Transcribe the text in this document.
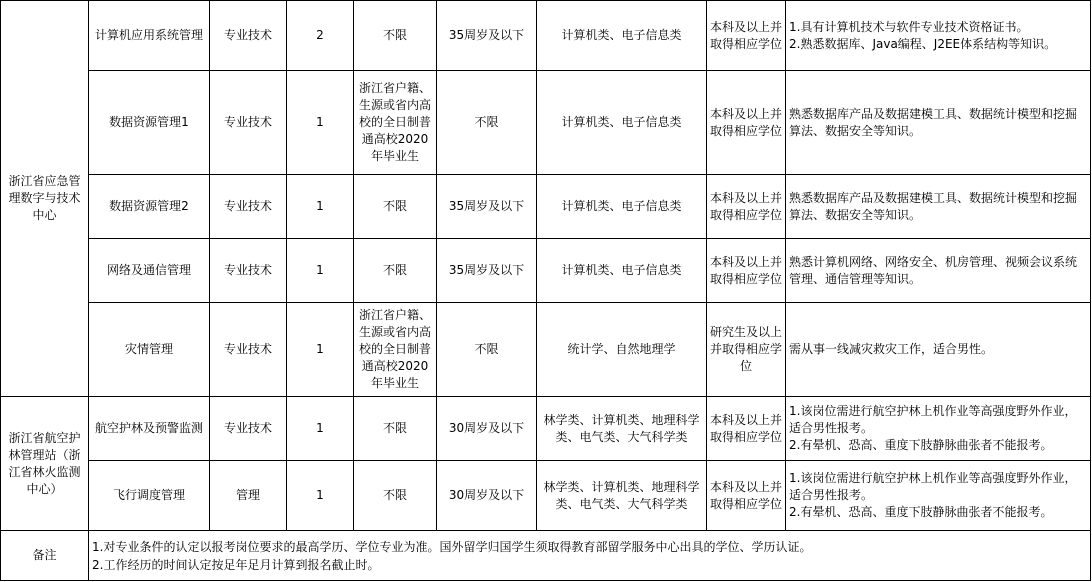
浙江省应急管理数字与技术中心	计算机应用系统管理	专业技术	2	不限	35周岁及以下	计算机类、电子信息类	本科及以上并取得相应学位	1.具有计算机技术与软件专业技术资格证书。
2.熟悉数据库、Java编程、J2EE体系结构等知识。

	数据资源管理1	专业技术	1	浙江省户籍、生源或省内高校的全日制普通高校2020年毕业生	不限	计算机类、电子信息类	本科及以上并取得相应学位	熟悉数据库产品及数据建模工具、数据统计模型和挖掘算法、数据安全等知识。

	数据资源管理2	专业技术	1	不限	35周岁及以下	计算机类、电子信息类	本科及以上并取得相应学位	熟悉数据库产品及数据建模工具、数据统计模型和挖掘算法、数据安全等知识。

	网络及通信管理	专业技术	1	不限	35周岁及以下	计算机类、电子信息类	本科及以上并取得相应学位	熟悉计算机网络、网络安全、机房管理、视频会议系统管理、通信管理等知识。

	灾情管理	专业技术	1	浙江省户籍、生源或省内高校的全日制普通高校2020年毕业生	不限	统计学、自然地理学	研究生及以上并取得相应学位	需从事一线减灾救灾工作，适合男性。

浙江省航空护林管理站（浙江省林火监测中心）	航空护林及预警监测	专业技术	1	不限	30周岁及以下	林学类、计算机类、地理科学类、电气类、大气科学类	本科及以上并取得相应学位	1.该岗位需进行航空护林上机作业等高强度野外作业，适合男性报考。
2.有晕机、恐高、重度下肢静脉曲张者不能报考。

	飞行调度管理	管理	1	不限	30周岁及以下	林学类、计算机类、地理科学类、电气类、大气科学类	本科及以上并取得相应学位	1.该岗位需进行航空护林上机作业等高强度野外作业，适合男性报考。
2.有晕机、恐高、重度下肢静脉曲张者不能报考。

备注	1.对专业条件的认定以报考岗位要求的最高学历、学位专业为准。国外留学归国学生须取得教育部留学服务中心出具的学位、学历认证。
2.工作经历的时间认定按足年足月计算到报名截止时。							
